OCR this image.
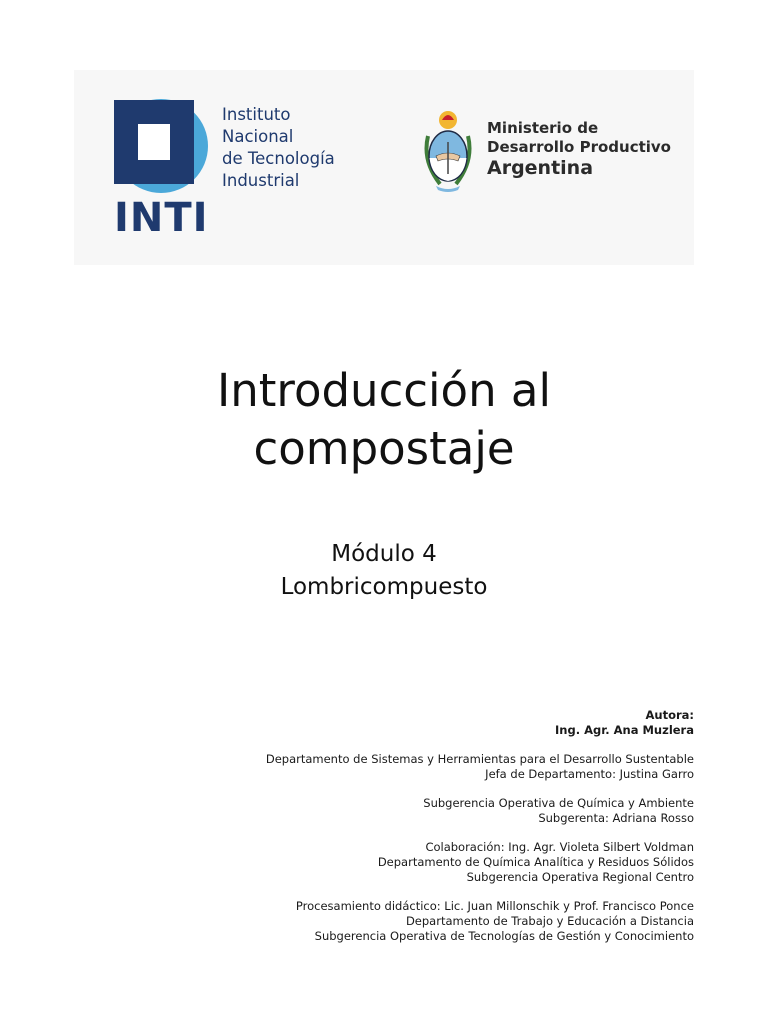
INTI
Instituto
Nacional
de Tecnología
Industrial
Ministerio de
Desarrollo Productivo
Argentina
Introducción al
compostaje
Módulo 4
Lombricompuesto
Autora:
Ing. Agr. Ana Muzlera
Departamento de Sistemas y Herramientas para el Desarrollo Sustentable
Jefa de Departamento: Justina Garro
Subgerencia Operativa de Química y Ambiente
Subgerenta: Adriana Rosso
Colaboración: Ing. Agr. Violeta Silbert Voldman
Departamento de Química Analítica y Residuos Sólidos
Subgerencia Operativa Regional Centro
Procesamiento didáctico: Lic. Juan Millonschik y Prof. Francisco Ponce
Departamento de Trabajo y Educación a Distancia
Subgerencia Operativa de Tecnologías de Gestión y Conocimiento
